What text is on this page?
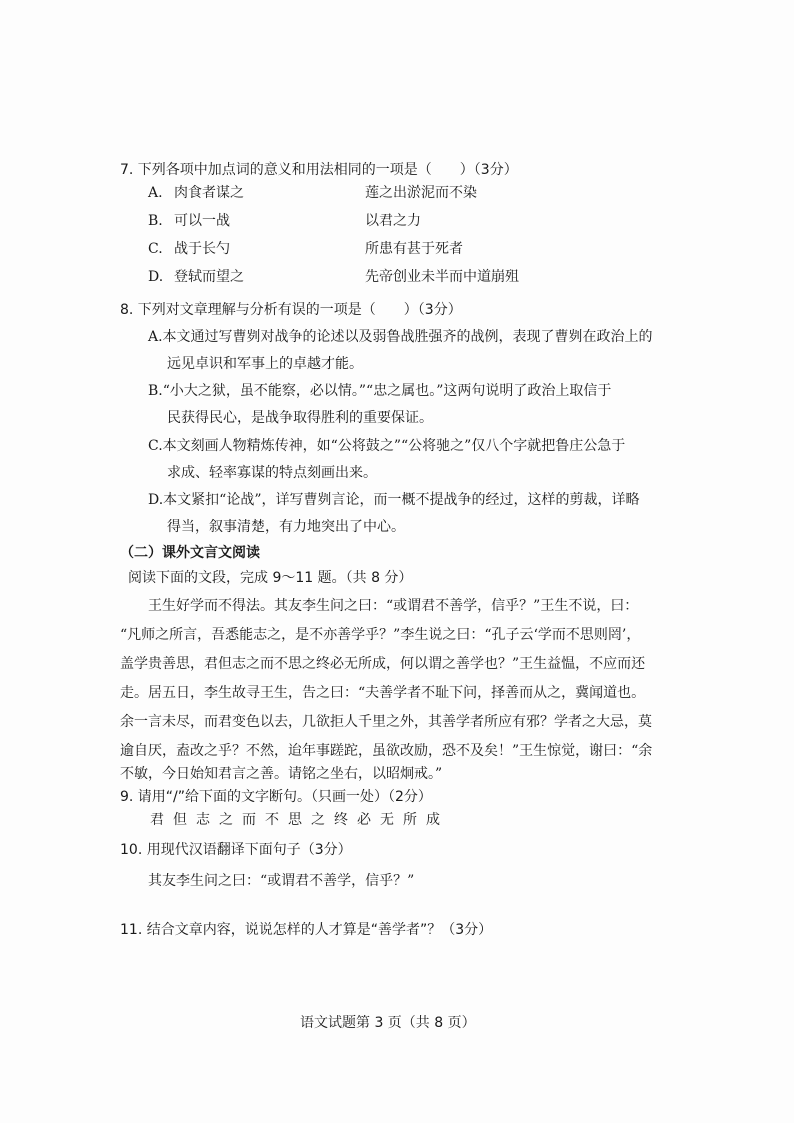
7. 下列各项中加点词的意义和用法相同的一项是（　　）（3分）
A. 肉食者谋之	莲之出淤泥而不染
B. 可以一战	以君之力
C. 战于长勺	所患有甚于死者
D. 登轼而望之	先帝创业未半而中道崩殂
8. 下列对文章理解与分析有误的一项是（　　）（3分）
A.本文通过写曹刿对战争的论述以及弱鲁战胜强齐的战例，表现了曹刿在政治上的
远见卓识和军事上的卓越才能。
B.“小大之狱，虽不能察，必以情。”“忠之属也。”这两句说明了政治上取信于
民获得民心，是战争取得胜利的重要保证。
C.本文刻画人物精炼传神，如“公将鼓之”“公将驰之”仅八个字就把鲁庄公急于
求成、轻率寡谋的特点刻画出来。
D.本文紧扣“论战”，详写曹刿言论，而一概不提战争的经过，这样的剪裁，详略
得当，叙事清楚，有力地突出了中心。
（二）课外文言文阅读
阅读下面的文段，完成 9～11 题。（共 8 分）
王生好学而不得法。其友李生问之曰：“或谓君不善学，信乎？”王生不说，曰：
“凡师之所言，吾悉能志之，是不亦善学乎？”李生说之曰：“孔子云‘学而不思则罔’，
盖学贵善思，君但志之而不思之终必无所成，何以谓之善学也？”王生益愠，不应而还
走。居五日，李生故寻王生，告之曰：“夫善学者不耻下问，择善而从之，冀闻道也。
余一言未尽，而君变色以去，几欲拒人千里之外，其善学者所应有邪？学者之大忌，莫
逾自厌，盍改之乎？不然，迨年事蹉跎，虽欲改励，恐不及矣！”王生惊觉，谢曰：“余
不敏，今日始知君言之善。请铭之坐右，以昭炯戒。”
9. 请用“/”给下面的文字断句。（只画一处）（2分）
君但志之而不思之终必无所成
10. 用现代汉语翻译下面句子（3分）
其友李生问之曰：“或谓君不善学，信乎？”
11. 结合文章内容，说说怎样的人才算是“善学者”？（3分）
语文试题第 3 页（共 8 页）
